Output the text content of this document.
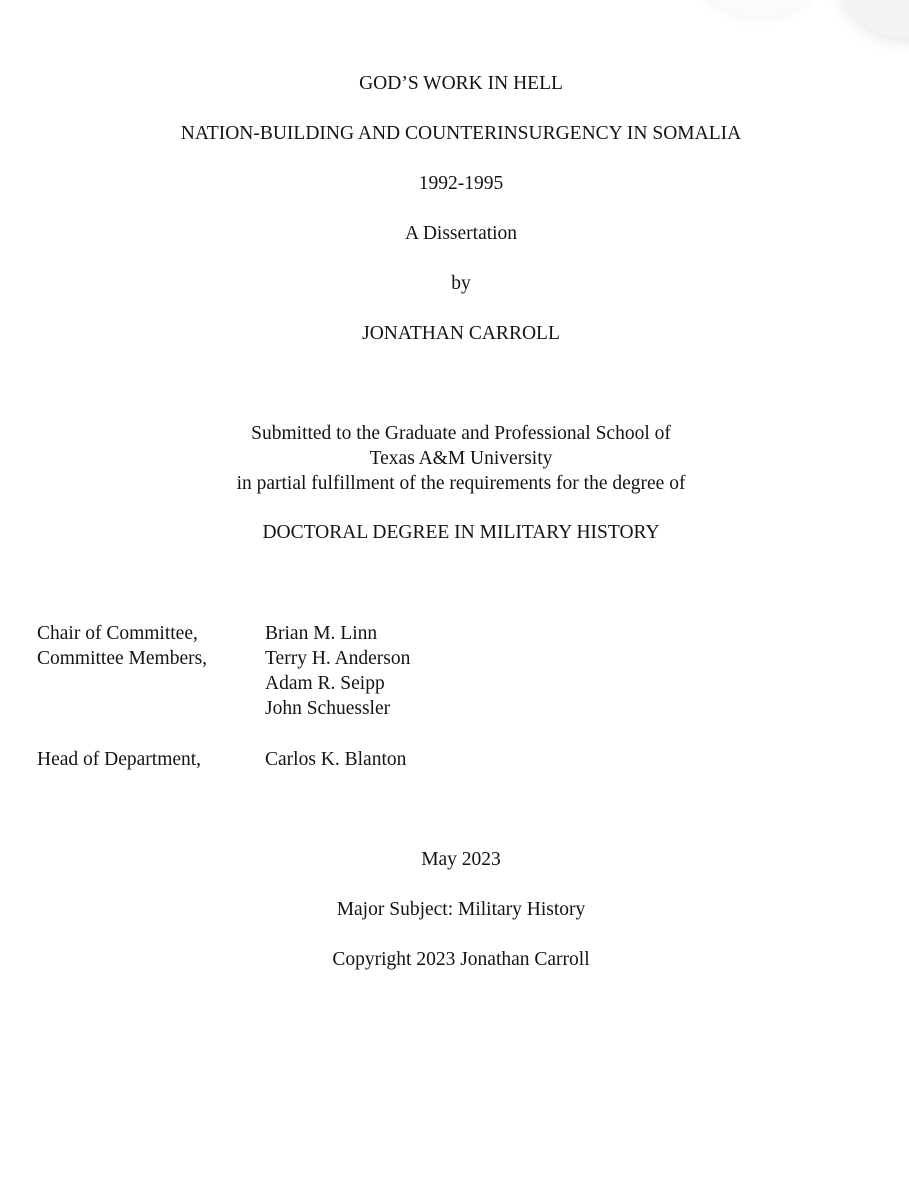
GOD’S WORK IN HELL
NATION-BUILDING AND COUNTERINSURGENCY IN SOMALIA
1992-1995
A Dissertation
by
JONATHAN CARROLL
Submitted to the Graduate and Professional School of
Texas A&M University
in partial fulfillment of the requirements for the degree of
DOCTORAL DEGREE IN MILITARY HISTORY
Chair of Committee,
Committee Members,
Brian M. Linn
Terry H. Anderson
Adam R. Seipp
John Schuessler
Head of Department,	Carlos K. Blanton
May 2023
Major Subject: Military History
Copyright 2023 Jonathan Carroll
